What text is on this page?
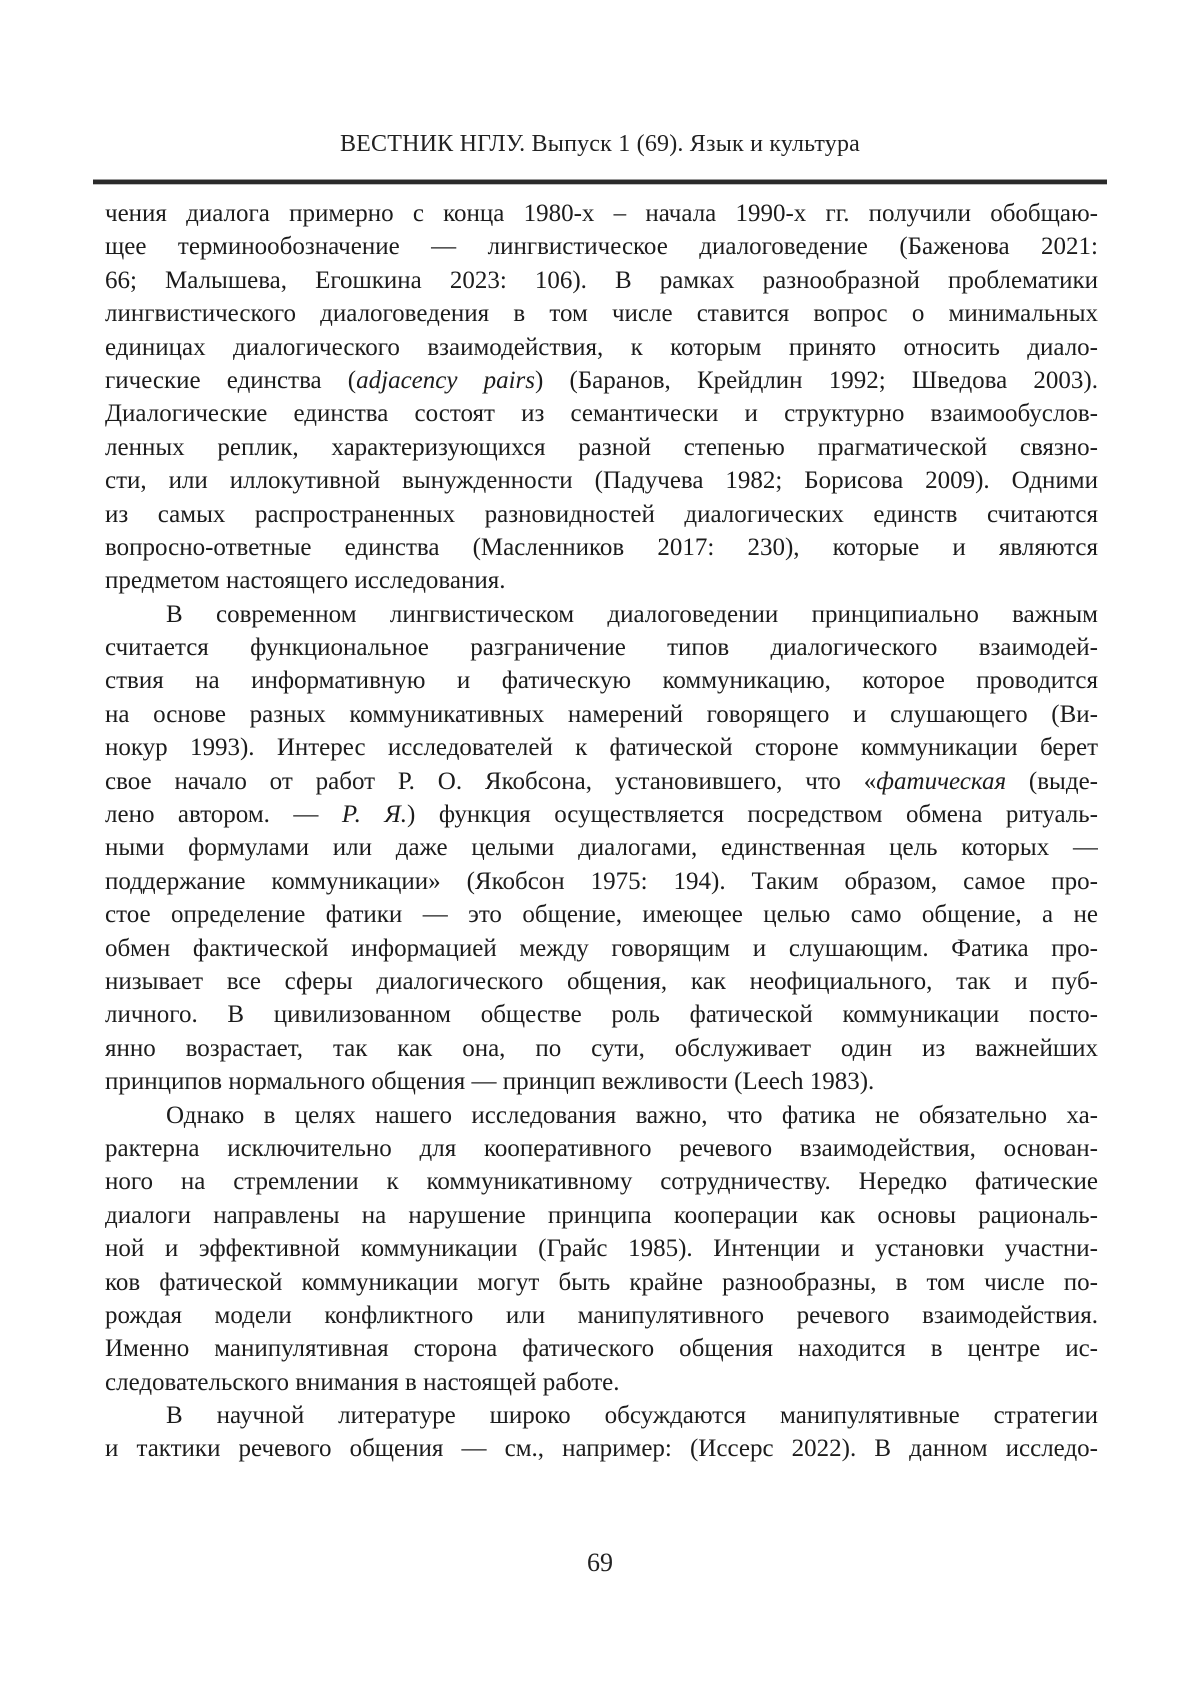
ВЕСТНИК НГЛУ. Выпуск 1 (69). Язык и культура
чения диалога примерно с конца 1980-х – начала 1990-х гг. получили обобщаю-
щее терминообозначение — лингвистическое диалоговедение (Баженова 2021:
66; Малышева, Егошкина 2023: 106). В рамках разнообразной проблематики
лингвистического диалоговедения в том числе ставится вопрос о минимальных
единицах диалогического взаимодействия, к которым принято относить диало-
гические единства (adjacency pairs) (Баранов, Крейдлин 1992; Шведова 2003).
Диалогические единства состоят из семантически и структурно взаимообуслов-
ленных реплик, характеризующихся разной степенью прагматической связно-
сти, или иллокутивной вынужденности (Падучева 1982; Борисова 2009). Одними
из самых распространенных разновидностей диалогических единств считаются
вопросно-ответные единства (Масленников 2017: 230), которые и являются
предметом настоящего исследования.
В современном лингвистическом диалоговедении принципиально важным
считается функциональное разграничение типов диалогического взаимодей-
ствия на информативную и фатическую коммуникацию, которое проводится
на основе разных коммуникативных намерений говорящего и слушающего (Ви-
нокур 1993). Интерес исследователей к фатической стороне коммуникации берет
свое начало от работ Р. О. Якобсона, установившего, что «фатическая (выде-
лено автором. — Р. Я.) функция осуществляется посредством обмена ритуаль-
ными формулами или даже целыми диалогами, единственная цель которых —
поддержание коммуникации» (Якобсон 1975: 194). Таким образом, самое про-
стое определение фатики — это общение, имеющее целью само общение, а не
обмен фактической информацией между говорящим и слушающим. Фатика про-
низывает все сферы диалогического общения, как неофициального, так и пуб-
личного. В цивилизованном обществе роль фатической коммуникации посто-
янно возрастает, так как она, по сути, обслуживает один из важнейших
принципов нормального общения — принцип вежливости (Leech 1983).
Однако в целях нашего исследования важно, что фатика не обязательно ха-
рактерна исключительно для кооперативного речевого взаимодействия, основан-
ного на стремлении к коммуникативному сотрудничеству. Нередко фатические
диалоги направлены на нарушение принципа кооперации как основы рациональ-
ной и эффективной коммуникации (Грайс 1985). Интенции и установки участни-
ков фатической коммуникации могут быть крайне разнообразны, в том числе по-
рождая модели конфликтного или манипулятивного речевого взаимодействия.
Именно манипулятивная сторона фатического общения находится в центре ис-
следовательского внимания в настоящей работе.
В научной литературе широко обсуждаются манипулятивные стратегии
и тактики речевого общения — см., например: (Иссерс 2022). В данном исследо-
69
